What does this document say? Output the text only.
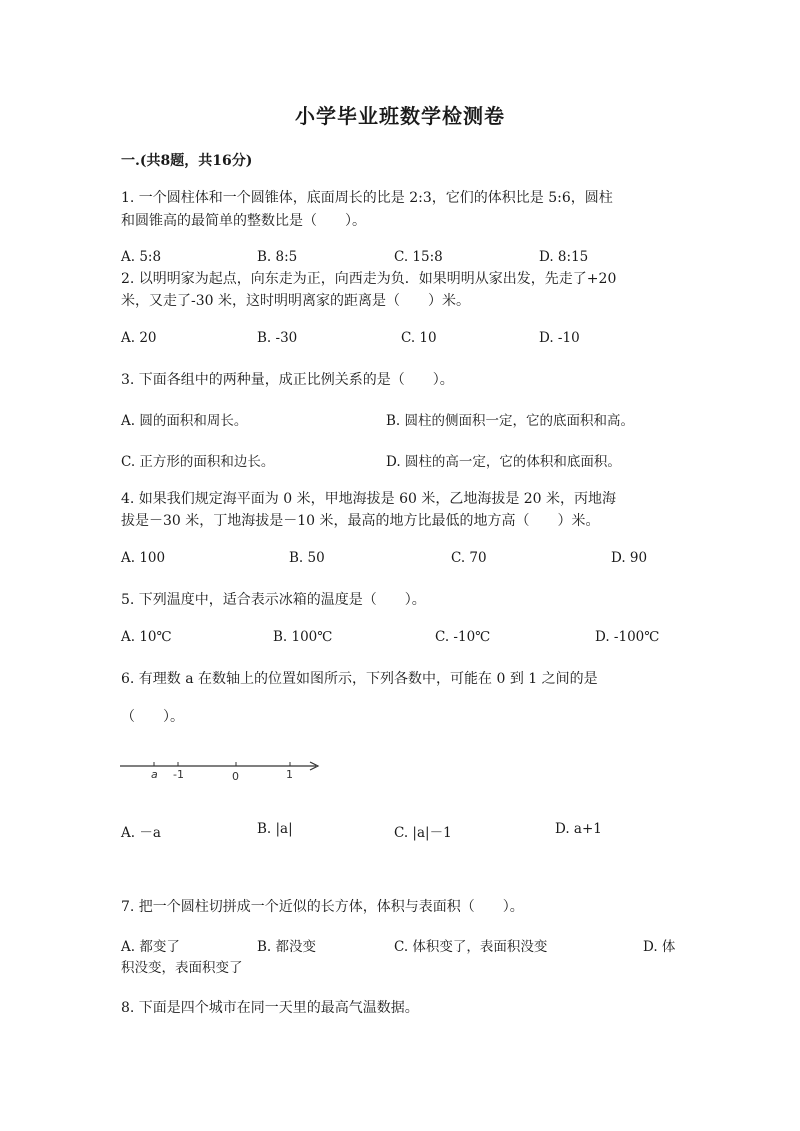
小学毕业班数学检测卷
一.(共8题，共16分)
1. 一个圆柱体和一个圆锥体，底面周长的比是 2:3，它们的体积比是 5:6，圆柱
和圆锥高的最简单的整数比是（　　）。
A. 5:8	B. 8:5	C. 15:8	D. 8:15
2. 以明明家为起点，向东走为正，向西走为负．如果明明从家出发，先走了+20
米，又走了-30 米，这时明明离家的距离是（　　）米。
A. 20	B. -30	C. 10	D. -10
3. 下面各组中的两种量，成正比例关系的是（　　）。
A. 圆的面积和周长。	B. 圆柱的侧面积一定，它的底面积和高。
C. 正方形的面积和边长。	D. 圆柱的高一定，它的体积和底面积。
4. 如果我们规定海平面为 0 米，甲地海拔是 60 米，乙地海拔是 20 米，丙地海
拔是－30 米，丁地海拔是－10 米，最高的地方比最低的地方高（　　）米。
A. 100	B. 50	C. 70	D. 90
5. 下列温度中，适合表示冰箱的温度是（　　）。
A. 10℃	B. 100℃	C. -10℃	D. -100℃
6. 有理数 a 在数轴上的位置如图所示，下列各数中，可能在 0 到 1 之间的是
（　　）。
a -1	0	1
A. －a	B. |a|	C. |a|－1	D. a+1
7. 把一个圆柱切拼成一个近似的长方体，体积与表面积（　　）。
A. 都变了	B. 都没变	C. 体积变了，表面积没变	D. 体
积没变，表面积变了
8. 下面是四个城市在同一天里的最高气温数据。
